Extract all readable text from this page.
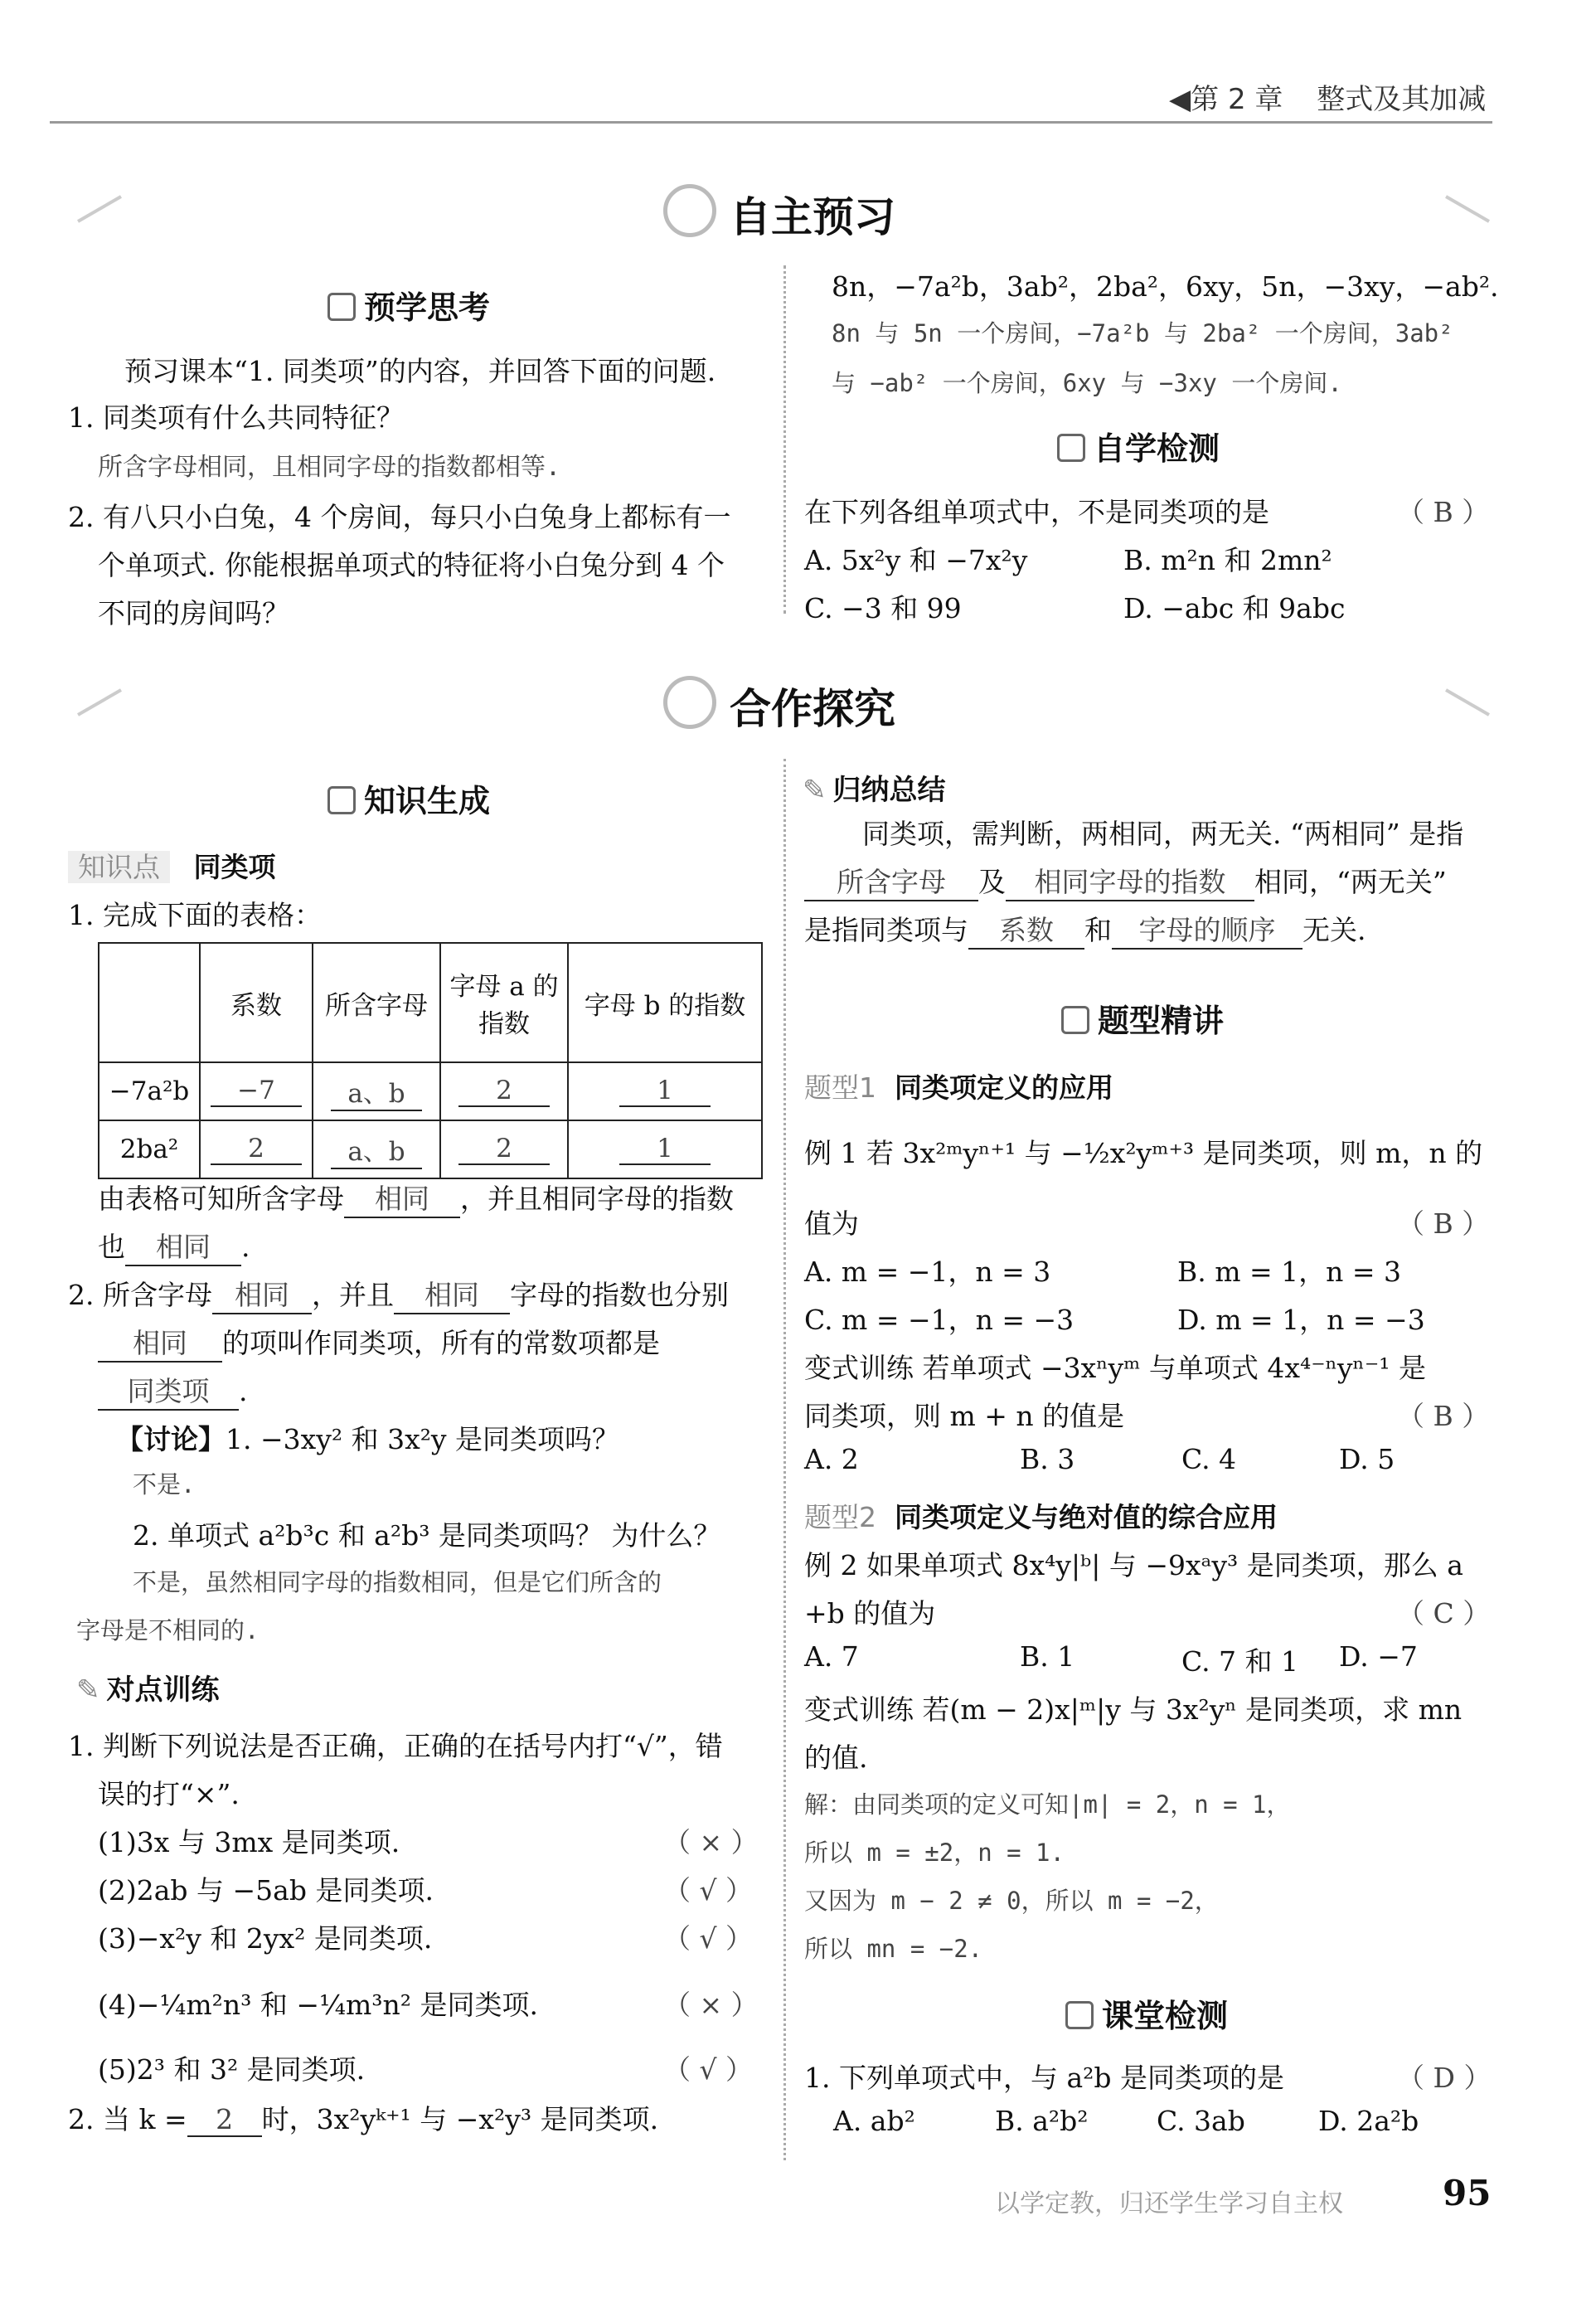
◀第 2 章 整式及其加减
自主预习
预学思考
预习课本“1. 同类项”的内容，并回答下面的问题.
1. 同类项有什么共同特征？
所含字母相同，且相同字母的指数都相等.
2. 有八只小白兔，4 个房间，每只小白兔身上都标有一
个单项式. 你能根据单项式的特征将小白兔分到 4 个
不同的房间吗？
8n，−7a²b，3ab²，2ba²，6xy，5n，−3xy，−ab².
8n 与 5n 一个房间，−7a²b 与 2ba² 一个房间，3ab²
与 −ab² 一个房间，6xy 与 −3xy 一个房间.
自学检测
在下列各组单项式中，不是同类项的是	（ B ）
A. 5x²y 和 −7x²y	B. m²n 和 2mn²
C. −3 和 99	D. −abc 和 9abc
合作探究
知识生成
知识点 同类项
1. 完成下面的表格：
	系数	所含字母	字母 a 的指数	字母 b 的指数
−7a²b	−7	a、b	2	1
2ba²	2	a、b	2	1
由表格可知所含字母 相同 ，并且相同字母的指数
也 相同 .
2. 所含字母 相同 ，并且 相同 字母的指数也分别
相同 的项叫作同类项，所有的常数项都是
同类项 .
【讨论】1. −3xy² 和 3x²y 是同类项吗？
不是.
2. 单项式 a²b³c 和 a²b³ 是同类项吗？ 为什么？
不是，虽然相同字母的指数相同，但是它们所含的
字母是不相同的.
✎ 对点训练
1. 判断下列说法是否正确，正确的在括号内打“√”，错
误的打“×”.
(1)3x 与 3mx 是同类项.	（ × ）
(2)2ab 与 −5ab 是同类项.	（ √ ）
(3)−x²y 和 2yx² 是同类项.	（ √ ）
(4)−¼m²n³ 和 −¼m³n² 是同类项.	（ × ）
(5)2³ 和 3² 是同类项.	（ √ ）
2. 当 k = 2 时，3x²yᵏ⁺¹ 与 −x²y³ 是同类项.
✎ 归纳总结
同类项，需判断，两相同，两无关. “两相同” 是指
所含字母 及 相同字母的指数 相同，“两无关”
是指同类项与 系数 和 字母的顺序 无关.
题型精讲
题型1 同类项定义的应用
例 1 若 3x²ᵐyⁿ⁺¹ 与 −½x²yᵐ⁺³ 是同类项，则 m，n 的
值为	（ B ）
A. m = −1，n = 3	B. m = 1，n = 3
C. m = −1，n = −3	D. m = 1，n = −3
变式训练 若单项式 −3xⁿyᵐ 与单项式 4x⁴⁻ⁿyⁿ⁻¹ 是
同类项，则 m + n 的值是	（ B ）
A. 2	B. 3	C. 4	D. 5
题型2 同类项定义与绝对值的综合应用
例 2 如果单项式 8x⁴y|ᵇ| 与 −9xᵃy³ 是同类项，那么 a
+b 的值为	（ C ）
A. 7	B. 1	C. 7 和 1 D. −7
变式训练 若(m − 2)x|ᵐ|y 与 3x²yⁿ 是同类项，求 mn
的值.
解：由同类项的定义可知|m| = 2，n = 1，
所以 m = ±2，n = 1.
又因为 m − 2 ≠ 0，所以 m = −2，
所以 mn = −2.
课堂检测
1. 下列单项式中，与 a²b 是同类项的是	（ D ）
A. ab²	B. a²b²	C. 3ab	D. 2a²b
以学定教，归还学生学习自主权	95
